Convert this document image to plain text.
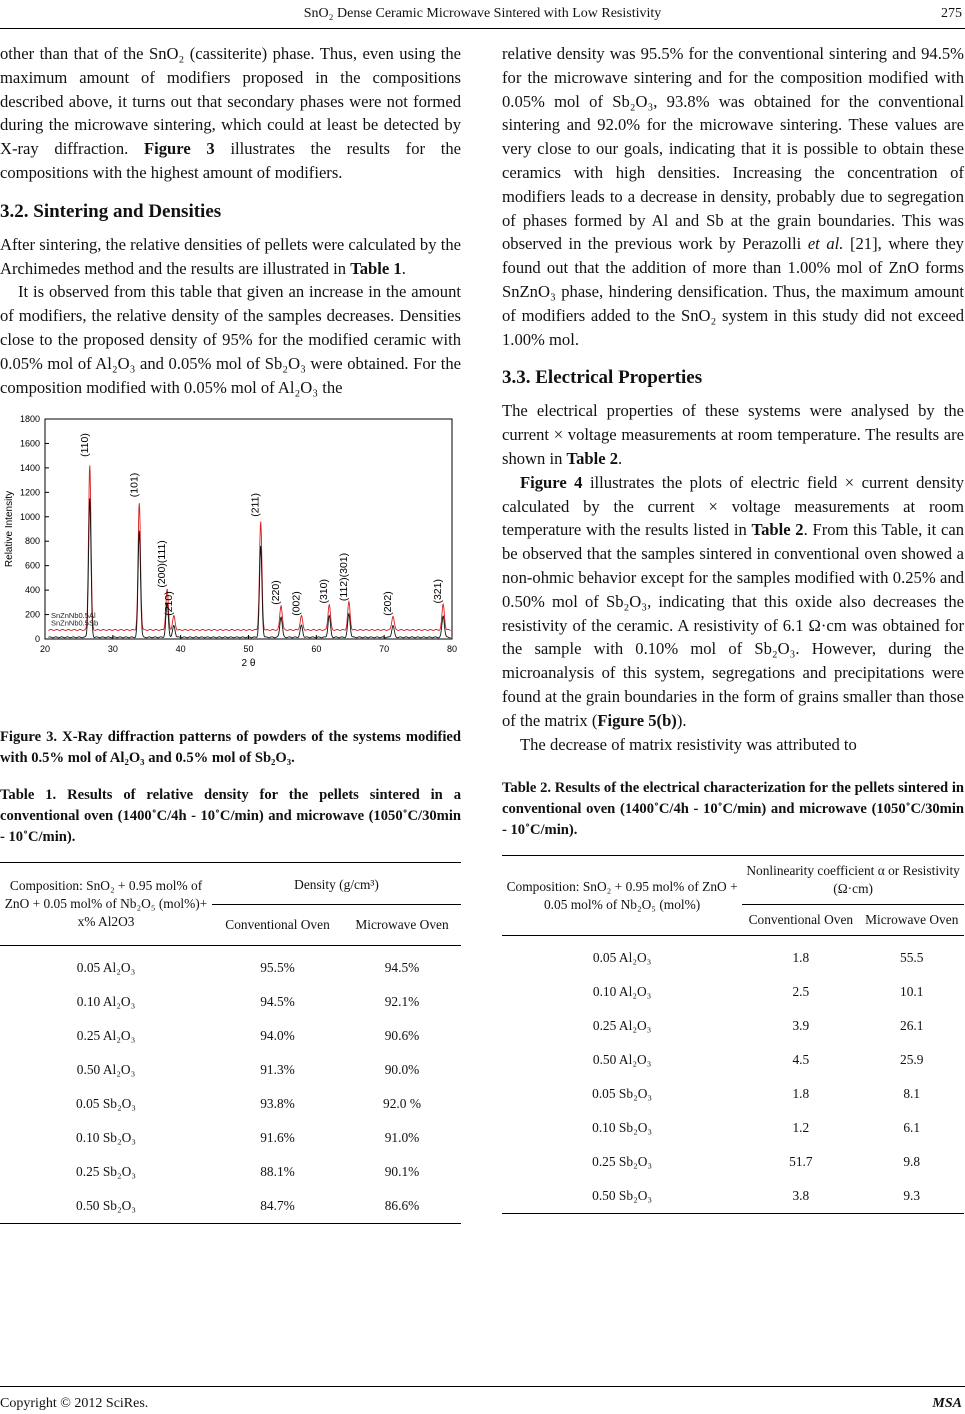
SnO₂ Dense Ceramic Microwave Sintered with Low Resistivity	275

other than that of the SnO₂ (cassiterite) phase. Thus, even using the maximum amount of modifiers proposed in the compositions described above, it turns out that secondary phases were not formed during the microwave sintering, which could at least be detected by X-ray diffraction. Figure 3 illustrates the results for the compositions with the highest amount of modifiers.

3.2. Sintering and Densities

After sintering, the relative densities of pellets were calculated by the Archimedes method and the results are illustrated in Table 1.

It is observed from this table that given an increase in the amount of modifiers, the relative density of the samples decreases. Densities close to the proposed density of 95% for the modified ceramic with 0.05% mol of Al₂O₃ and 0.05% mol of Sb₂O₃ were obtained. For the composition modified with 0.05% mol of Al₂O₃ the

0
200
400
600
800
1000
1200
1400
1600
1800
20	30	40	50	60	70	80
2 θ
Relative Intensity
SnZnNb0.5Al
SnZnNb0.5Sb
(110)
(101)
(200)(111)
(210)
(211)
(220) (002) (310) (112)(301)
(202)	(321)
Figure 3. X-Ray diffraction patterns of powders of the systems modified with 0.5% mol of Al₂O₃ and 0.5% mol of Sb₂O₃.
Table 1. Results of relative density for the pellets sintered in a conventional oven (1400˚C/4h - 10˚C/min) and microwave (1050˚C/30min - 10˚C/min).
Composition: SnO₂ + 0.95 mol% of ZnO + 0.05 mol% of Nb₂O₅ (mol%)+ x% Al2O3	Density (g/cm³)	
	Conventional Oven	Microwave Oven
0.05 Al₂O₃	95.5%	94.5%
0.10 Al₂O₃	94.5%	92.1%
0.25 Al₂O₃	94.0%	90.6%
0.50 Al₂O₃	91.3%	90.0%
0.05 Sb₂O₃	93.8%	92.0 %
0.10 Sb₂O₃	91.6%	91.0%
0.25 Sb₂O₃	88.1%	90.1%
0.50 Sb₂O₃	84.7%	86.6%

relative density was 95.5% for the conventional sintering and 94.5% for the microwave sintering and for the composition modified with 0.05% mol of Sb₂O₃, 93.8% was obtained for the conventional sintering and 92.0% for the microwave sintering. These values are very close to our goals, indicating that it is possible to obtain these ceramics with high densities. Increasing the concentration of modifiers leads to a decrease in density, probably due to segregation of phases formed by Al and Sb at the grain boundaries. This was observed in the previous work by Perazolli et al. [21], where they found out that the addition of more than 1.00% mol of ZnO forms SnZnO₃ phase, hindering densification. Thus, the maximum amount of modifiers added to the SnO₂ system in this study did not exceed 1.00% mol.

3.3. Electrical Properties

The electrical properties of these systems were analysed by the current × voltage measurements at room temperature. The results are shown in Table 2.

Figure 4 illustrates the plots of electric field × current density calculated by the current × voltage measurements at room temperature with the results listed in Table 2. From this Table, it can be observed that the samples sintered in conventional oven showed a non-ohmic behavior except for the samples modified with 0.25% and 0.50% mol of Sb₂O₃, indicating that this oxide also decreases the resistivity of the ceramic. A resistivity of 6.1 Ω·cm was obtained for the sample with 0.10% mol of Sb₂O₃. However, during the microanalysis of this system, segregations and precipitations were found at the grain boundaries in the form of grains smaller than those of the matrix (Figure 5(b)).

The decrease of matrix resistivity was attributed to

Table 2. Results of the electrical characterization for the pellets sintered in conventional oven (1400˚C/4h - 10˚C/min) and microwave (1050˚C/30min - 10˚C/min).
Composition: SnO₂ + 0.95 mol% of ZnO + 0.05 mol% of Nb₂O₅ (mol%)	Nonlinearity coefficient α or Resistivity (Ω·cm)	
	Conventional Oven	Microwave Oven
0.05 Al₂O₃	1.8	55.5
0.10 Al₂O₃	2.5	10.1
0.25 Al₂O₃	3.9	26.1
0.50 Al₂O₃	4.5	25.9
0.05 Sb₂O₃	1.8	8.1
0.10 Sb₂O₃	1.2	6.1
0.25 Sb₂O₃	51.7	9.8
0.50 Sb₂O₃	3.8	9.3
Copyright © 2012 SciRes.	MSA
